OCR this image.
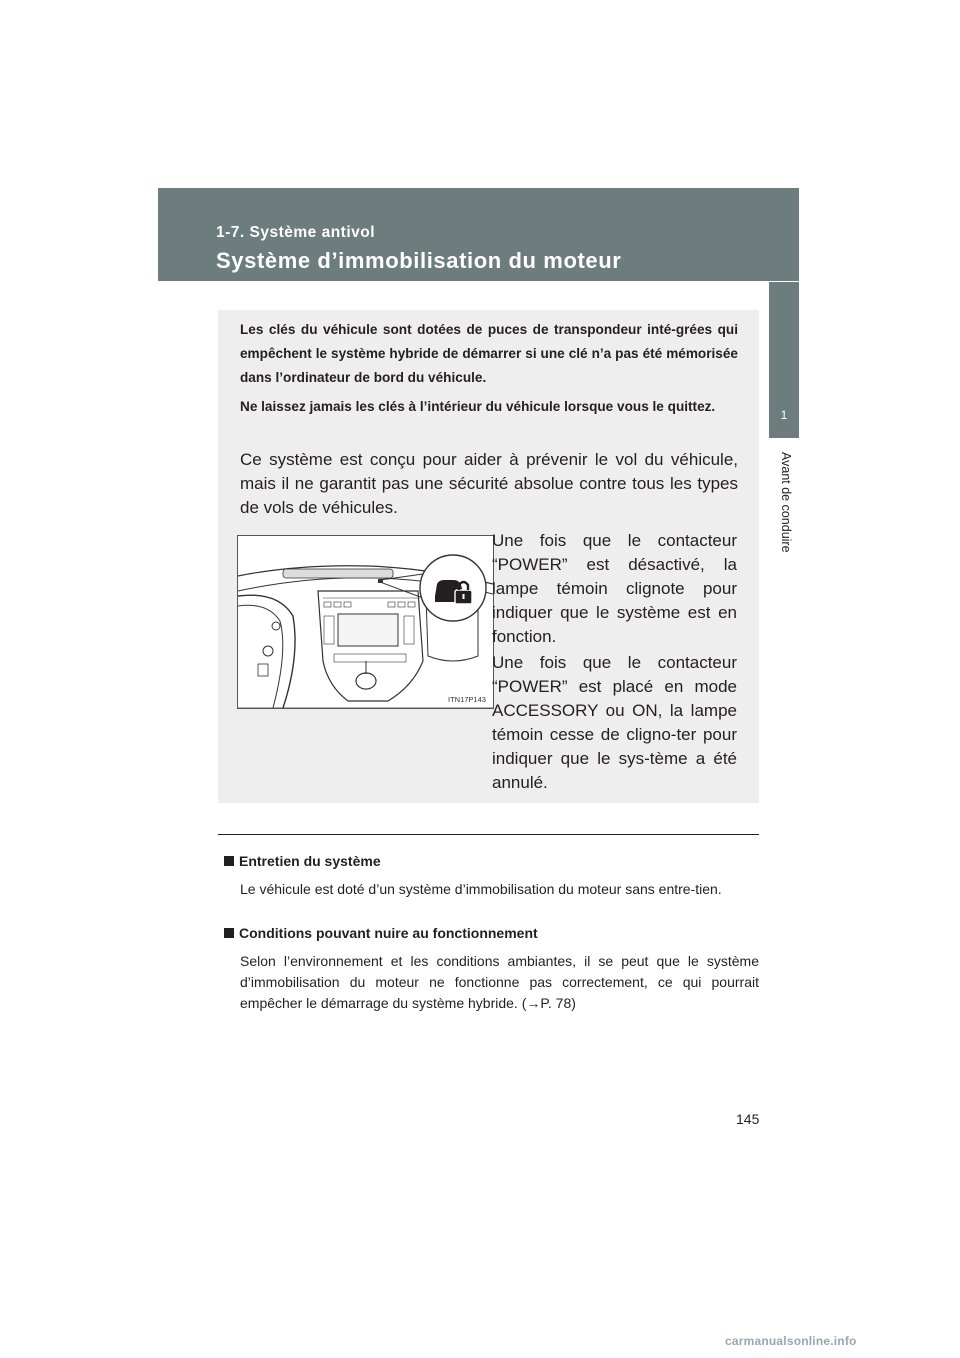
1-7. Système antivol
Système d’immobilisation du moteur
1
Avant de conduire

Les clés du véhicule sont dotées de puces de transpondeur inté-grées qui empêchent le système hybride de démarrer si une clé n’a pas été mémorisée dans l’ordinateur de bord du véhicule.

Ne laissez jamais les clés à l’intérieur du véhicule lorsque vous le quittez.

Ce système est conçu pour aider à prévenir le vol du véhicule, mais il ne garantit pas une sécurité absolue contre tous les types de vols de véhicules.

ITN17P143

Une fois que le contacteur “POWER” est désactivé, la lampe témoin clignote pour indiquer que le système est en fonction.

Une fois que le contacteur “POWER” est placé en mode ACCESSORY ou ON, la lampe témoin cesse de cligno-ter pour indiquer que le sys-tème a été annulé.

Entretien du système

Le véhicule est doté d’un système d’immobilisation du moteur sans entre-tien.

Conditions pouvant nuire au fonctionnement

Selon l’environnement et les conditions ambiantes, il se peut que le système d’immobilisation du moteur ne fonctionne pas correctement, ce qui pourrait empêcher le démarrage du système hybride. (→P. 78)

145
carmanualsonline.info
